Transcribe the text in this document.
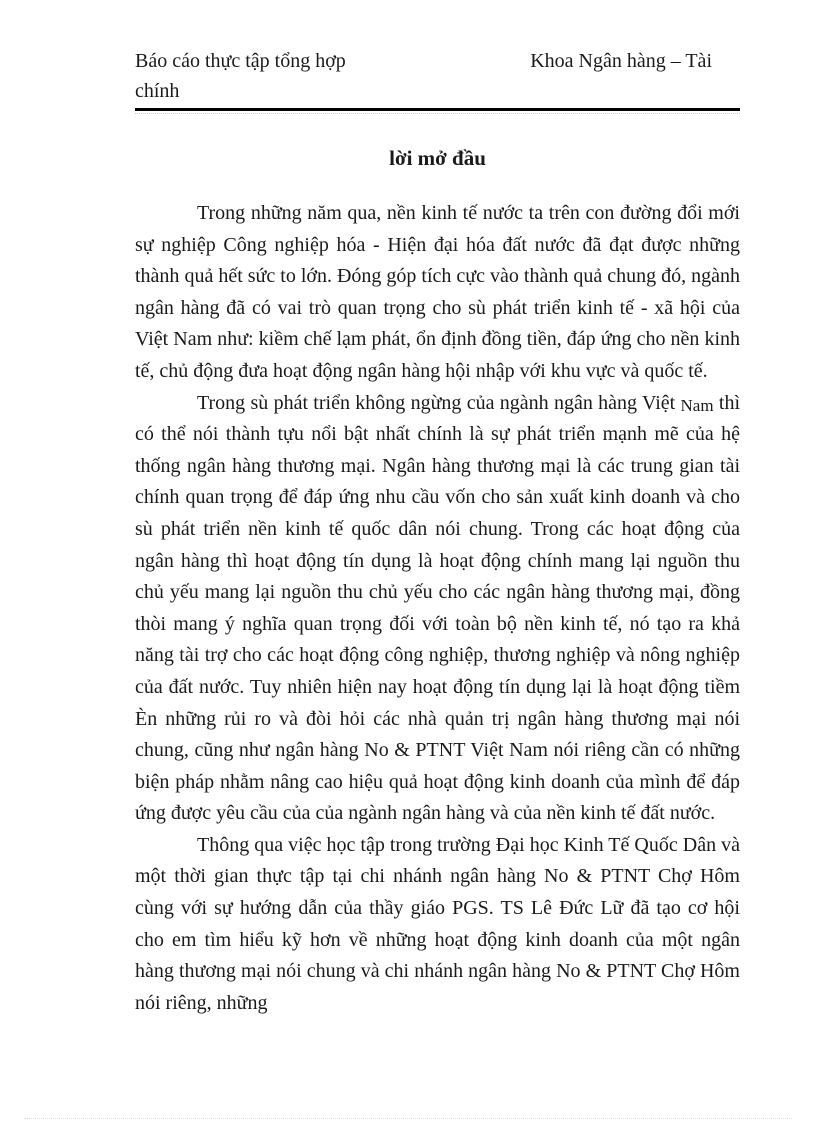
Báo cáo thực tập tổng hợp
chính
Khoa Ngân hàng – Tài
lời mở đầu

Trong những năm qua, nền kinh tế nước ta trên con đường đổi mới sự nghiệp Công nghiệp hóa - Hiện đại hóa đất nước đã đạt được những thành quả hết sức to lớn. Đóng góp tích cực vào thành quả chung đó, ngành ngân hàng đã có vai trò quan trọng cho sù phát triển kinh tế - xã hội của Việt Nam như: kiềm chế lạm phát, ổn định đồng tiền, đáp ứng cho nền kinh tế, chủ động đưa hoạt động ngân hàng hội nhập với khu vực và quốc tế.

Trong sù phát triển không ngừng của ngành ngân hàng Việt Nam thì có thể nói thành tựu nổi bật nhất chính là sự phát triển mạnh mẽ của hệ thống ngân hàng thương mại. Ngân hàng thương mại là các trung gian tài chính quan trọng để đáp ứng nhu cầu vốn cho sản xuất kinh doanh và cho sù phát triển nền kinh tế quốc dân nói chung. Trong các hoạt động của ngân hàng thì hoạt động tín dụng là hoạt động chính mang lại nguồn thu chủ yếu mang lại nguồn thu chủ yếu cho các ngân hàng thương mại, đồng thòi mang ý nghĩa quan trọng đối với toàn bộ nền kinh tế, nó tạo ra khả năng tài trợ cho các hoạt động công nghiệp, thương nghiệp và nông nghiệp của đất nước. Tuy nhiên hiện nay hoạt động tín dụng lại là hoạt động tiềm Èn những rủi ro và đòi hỏi các nhà quản trị ngân hàng thương mại nói chung, cũng như ngân hàng No & PTNT Việt Nam nói riêng cần có những biện pháp nhằm nâng cao hiệu quả hoạt động kinh doanh của mình để đáp ứng được yêu cầu của của ngành ngân hàng và của nền kinh tế đất nước.

Thông qua việc học tập trong trường Đại học Kinh Tế Quốc Dân và một thời gian thực tập tại chi nhánh ngân hàng No & PTNT Chợ Hôm cùng với sự hướng dẫn của thầy giáo PGS. TS Lê Đức Lữ đã tạo cơ hội cho em tìm hiểu kỹ hơn về những hoạt động kinh doanh của một ngân hàng thương mại nói chung và chi nhánh ngân hàng No & PTNT Chợ Hôm nói riêng, những
